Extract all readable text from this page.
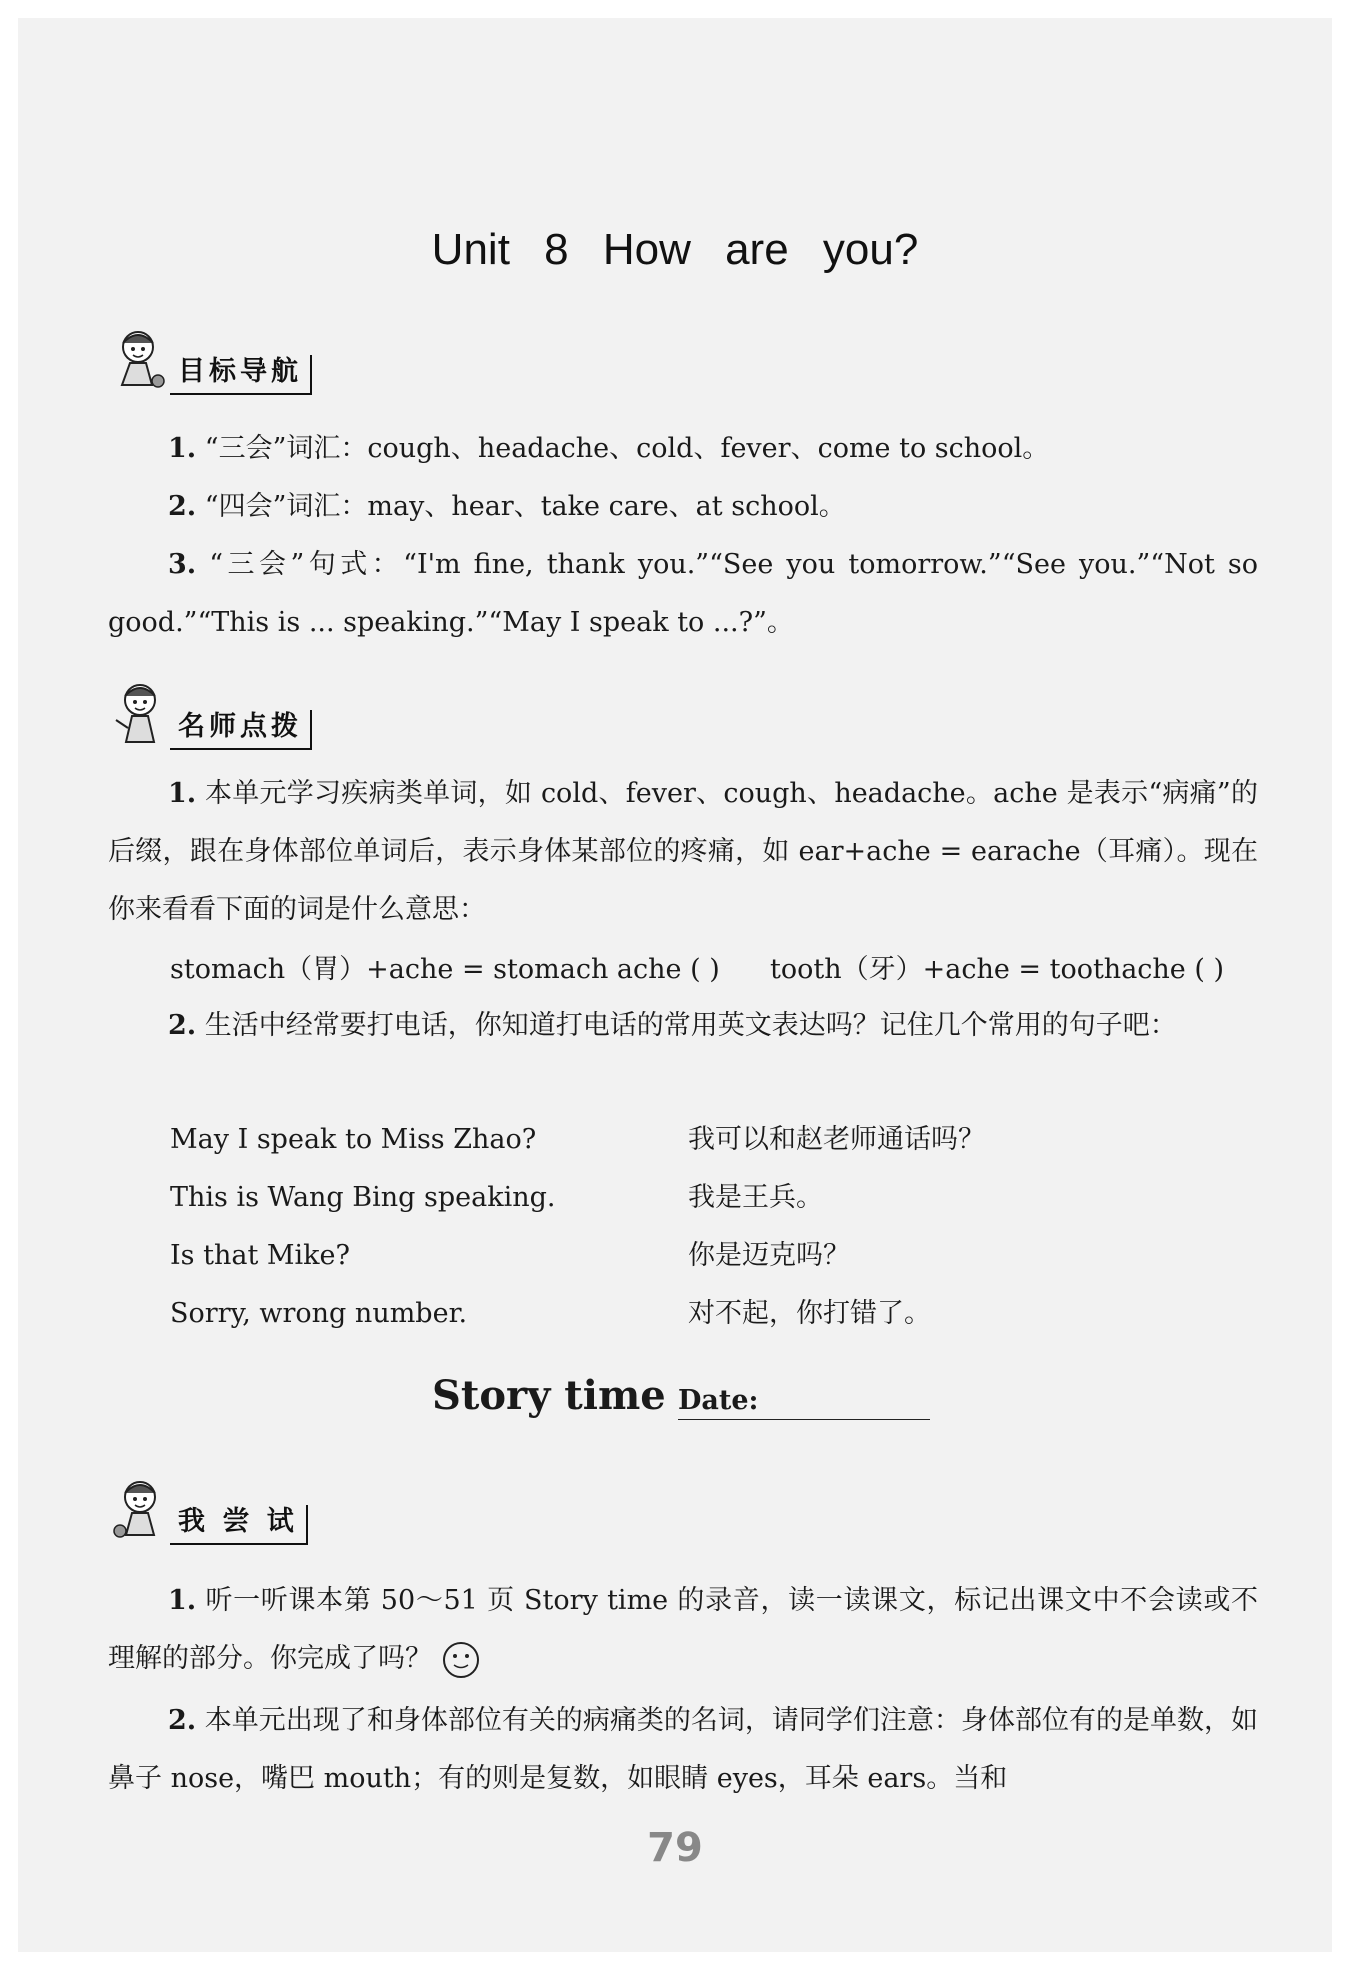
Unit 8 How are you?
目标导航
1. “三会”词汇：cough、headache、cold、fever、come to school。
2. “四会”词汇：may、hear、take care、at school。
3. “三会”句式：“I'm fine, thank you.”“See you tomorrow.”“See you.”“Not so good.”“This is ... speaking.”“May I speak to ...?”。
名师点拨
1. 本单元学习疾病类单词，如 cold、fever、cough、headache。ache 是表示“病痛”的后缀，跟在身体部位单词后，表示身体某部位的疼痛，如 ear+ache = earache（耳痛）。现在你来看看下面的词是什么意思：
stomach（胃）+ache = stomach ache ( ) tooth（牙）+ache = toothache ( )
2. 生活中经常要打电话，你知道打电话的常用英文表达吗？记住几个常用的句子吧：
May I speak to Miss Zhao?	我可以和赵老师通话吗？
This is Wang Bing speaking.	我是王兵。
Is that Mike?	你是迈克吗？
Sorry, wrong number.	对不起，你打错了。
Story time Date:
我 尝 试
1. 听一听课本第 50～51 页 Story time 的录音，读一读课文，标记出课文中不会读或不理解的部分。你完成了吗？
2. 本单元出现了和身体部位有关的病痛类的名词，请同学们注意：身体部位有的是单数，如鼻子 nose，嘴巴 mouth；有的则是复数，如眼睛 eyes，耳朵 ears。当和
79
